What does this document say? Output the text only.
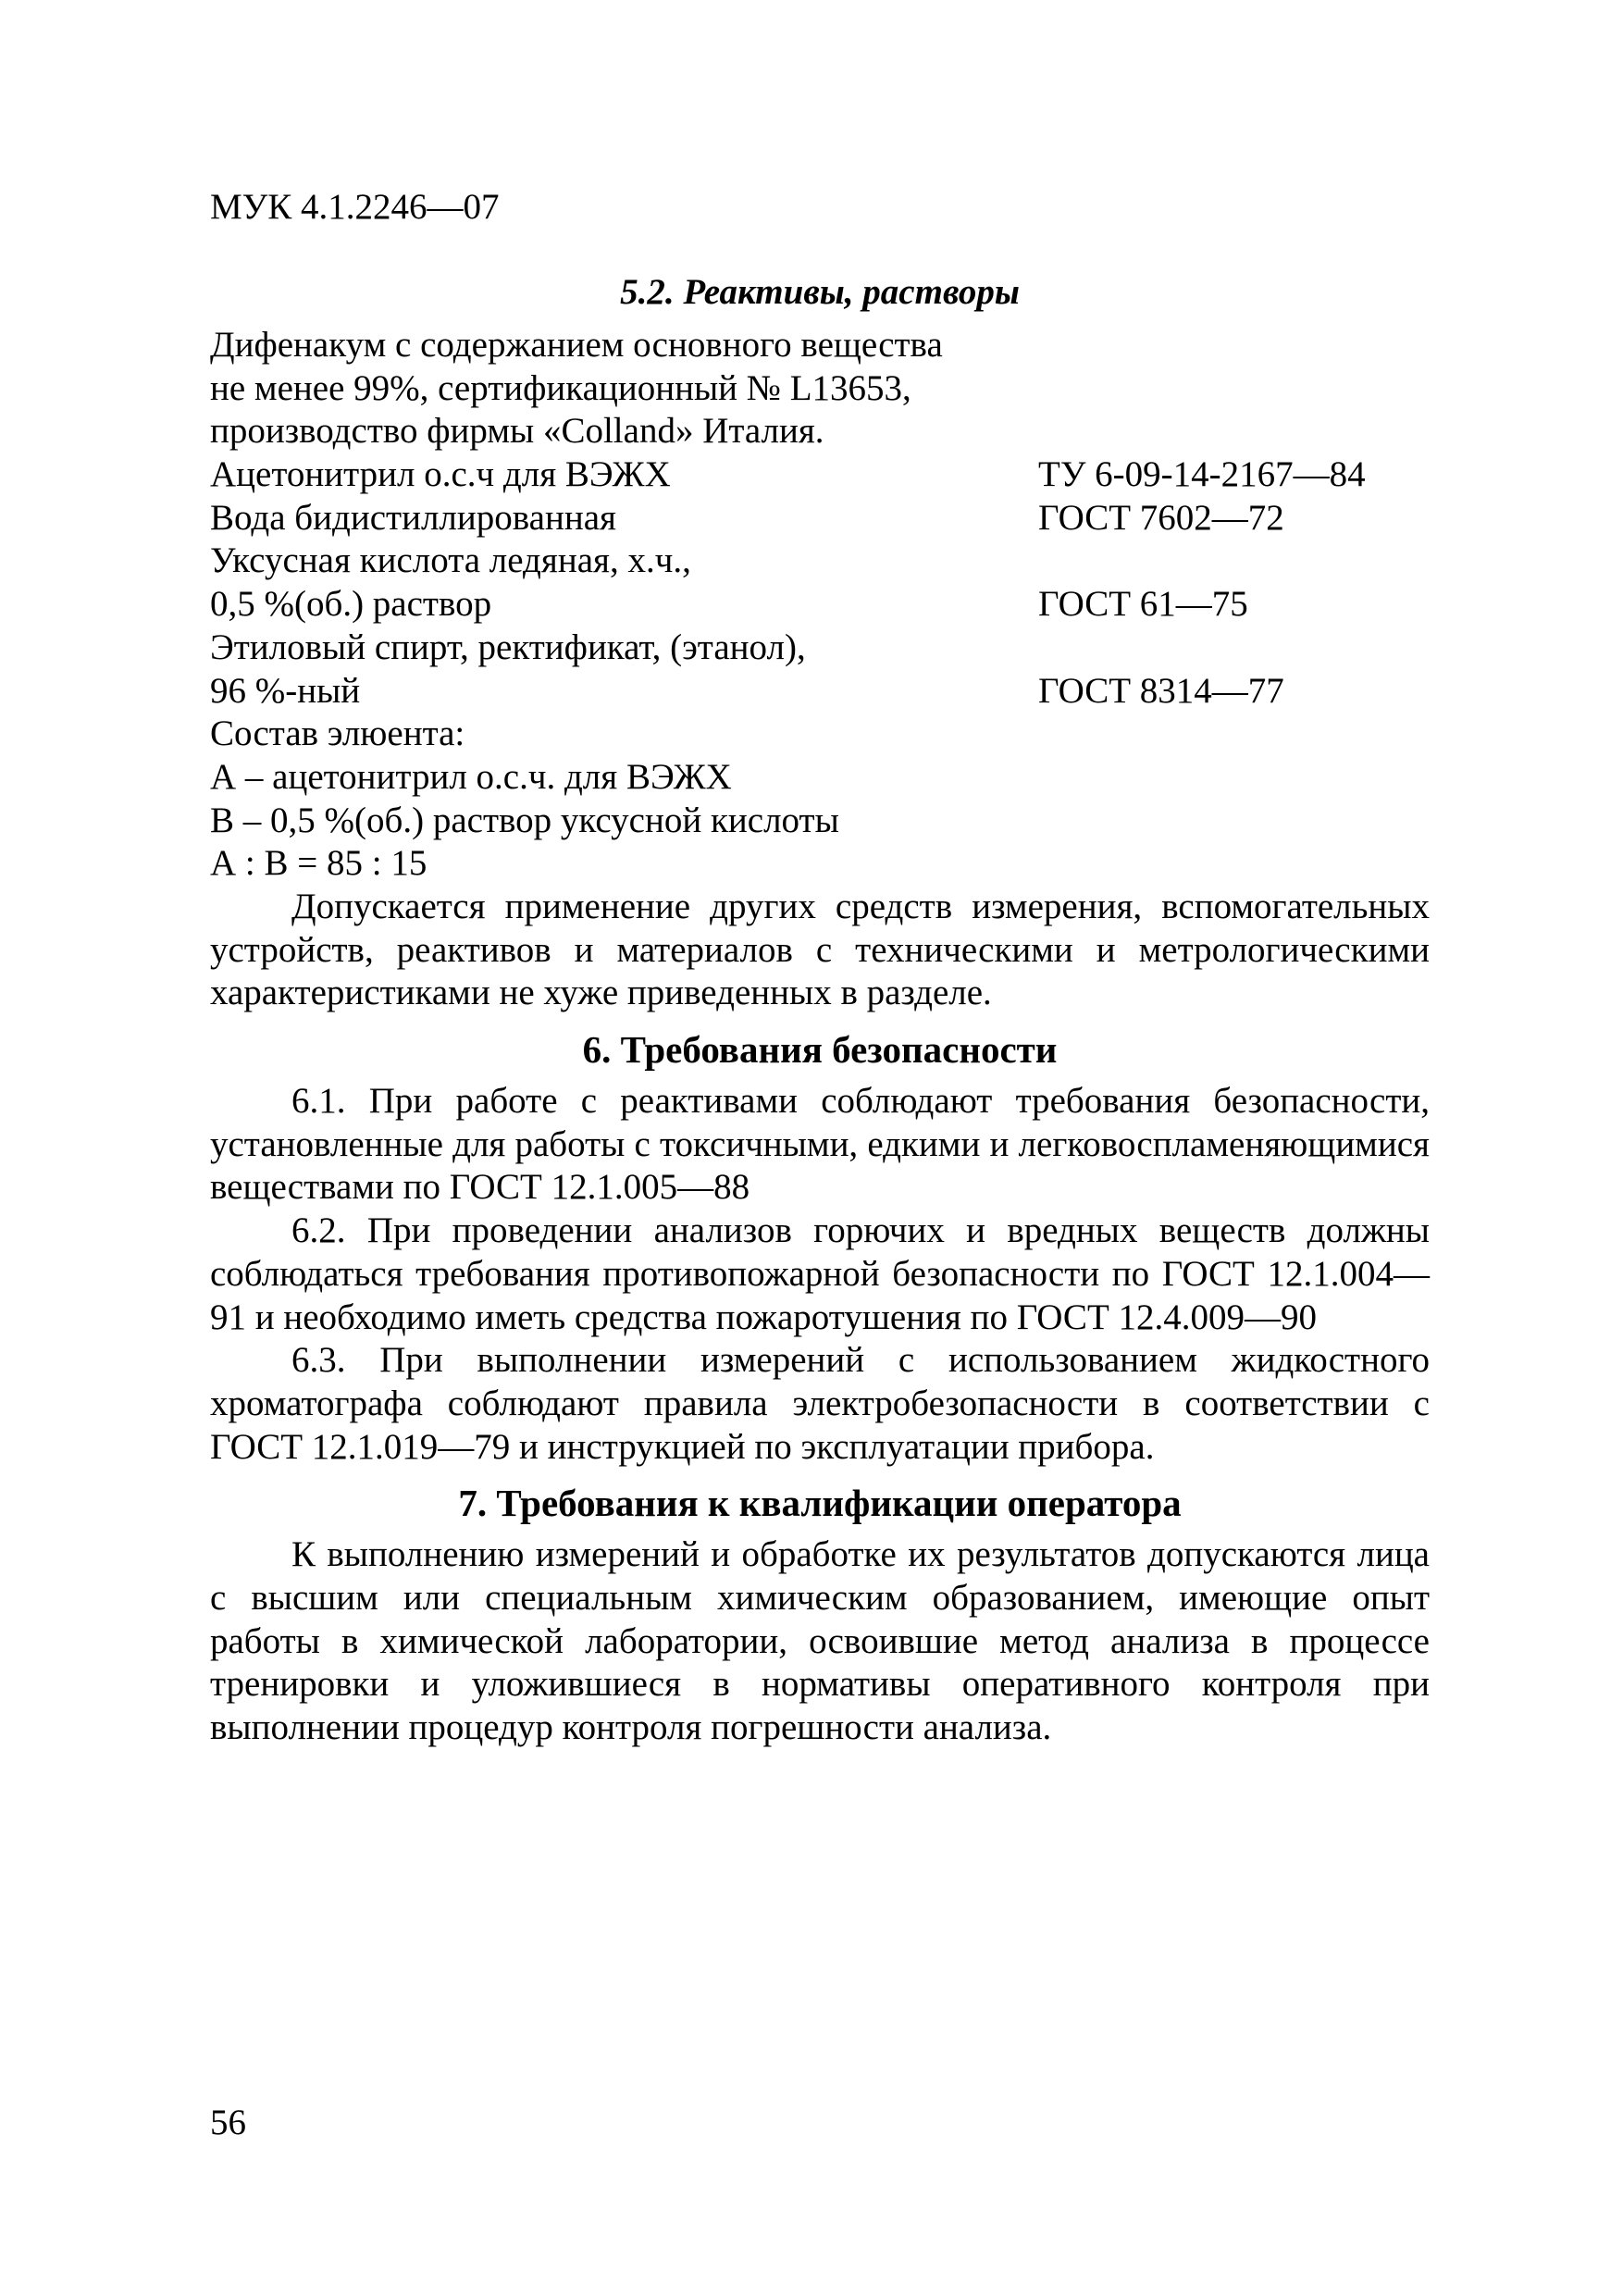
МУК 4.1.2246—07
5.2. Реактивы, растворы
Дифенакум с содержанием основного вещества
не менее 99%, сертификационный № L13653,
производство фирмы «Colland» Италия.
Ацетонитрил о.с.ч для ВЭЖХ	ТУ 6-09-14-2167—84
Вода бидистиллированная	ГОСТ 7602—72
Уксусная кислота ледяная, х.ч.,
0,5 %(об.) раствор	ГОСТ 61—75
Этиловый спирт, ректификат, (этанол),
96 %-ный	ГОСТ 8314—77
Состав элюента:
А – ацетонитрил о.с.ч. для ВЭЖХ
В – 0,5 %(об.) раствор уксусной кислоты
А : В = 85 : 15

Допускается применение других средств измерения, вспомогательных устройств, реактивов и материалов с техническими и метрологическими характеристиками не хуже приведенных в разделе.

6. Требования безопасности

6.1. При работе с реактивами соблюдают требования безопасности, установленные для работы с токсичными, едкими и легковоспламеняющимися веществами по ГОСТ 12.1.005—88

6.2. При проведении анализов горючих и вредных веществ должны соблюдаться требования противопожарной безопасности по ГОСТ 12.1.004—91 и необходимо иметь средства пожаротушения по ГОСТ 12.4.009—90

6.3. При выполнении измерений с использованием жидкостного хроматографа соблюдают правила электробезопасности в соответствии с ГОСТ 12.1.019—79 и инструкцией по эксплуатации прибора.

7. Требования к квалификации оператора

К выполнению измерений и обработке их результатов допускаются лица с высшим или специальным химическим образованием, имеющие опыт работы в химической лаборатории, освоившие метод анализа в процессе тренировки и уложившиеся в нормативы оперативного контроля при выполнении процедур контроля погрешности анализа.

56
